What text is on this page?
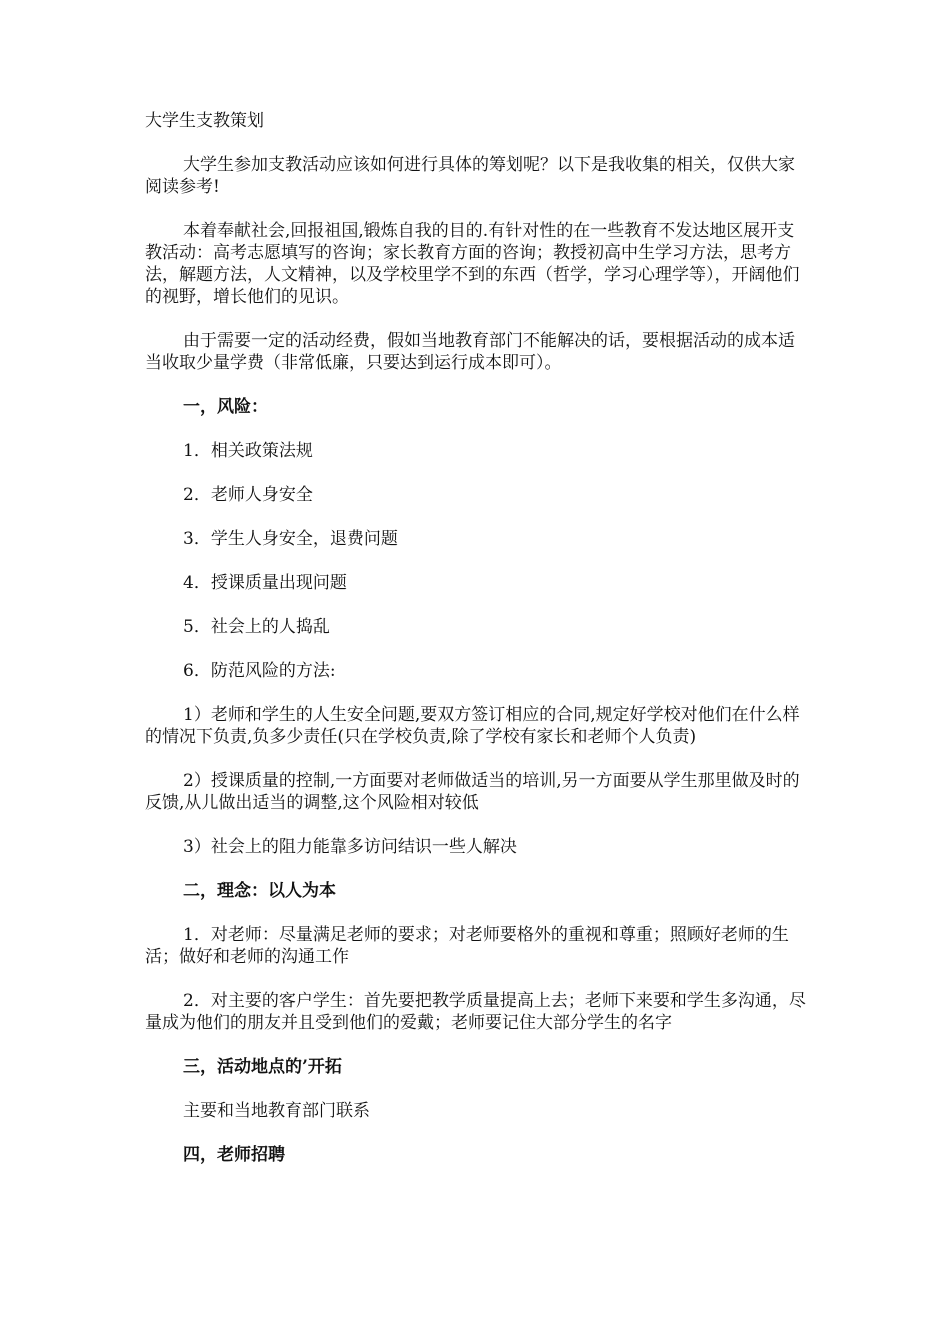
大学生支教策划

大学生参加支教活动应该如何进行具体的筹划呢？以下是我收集的相关，仅供大家阅读参考!

本着奉献社会,回报祖国,锻炼自我的目的.有针对性的在一些教育不发达地区展开支教活动：高考志愿填写的咨询；家长教育方面的咨询；教授初高中生学习方法，思考方法，解题方法，人文精神，以及学校里学不到的东西（哲学，学习心理学等），开阔他们的视野，增长他们的见识。

由于需要一定的活动经费，假如当地教育部门不能解决的话，要根据活动的成本适当收取少量学费（非常低廉，只要达到运行成本即可）。

一，风险：

1．相关政策法规

2．老师人身安全

3．学生人身安全，退费问题

4．授课质量出现问题

5．社会上的人捣乱

6．防范风险的方法:

1）老师和学生的人生安全问题,要双方签订相应的合同,规定好学校对他们在什么样的情况下负责,负多少责任(只在学校负责,除了学校有家长和老师个人负责)

2）授课质量的控制,一方面要对老师做适当的培训,另一方面要从学生那里做及时的反馈,从儿做出适当的调整,这个风险相对较低

3）社会上的阻力能靠多访问结识一些人解决

二，理念：以人为本

1．对老师：尽量满足老师的要求；对老师要格外的重视和尊重；照顾好老师的生活；做好和老师的沟通工作

2．对主要的客户学生：首先要把教学质量提高上去；老师下来要和学生多沟通，尽量成为他们的朋友并且受到他们的爱戴；老师要记住大部分学生的名字

三，活动地点的’开拓

主要和当地教育部门联系

四，老师招聘
